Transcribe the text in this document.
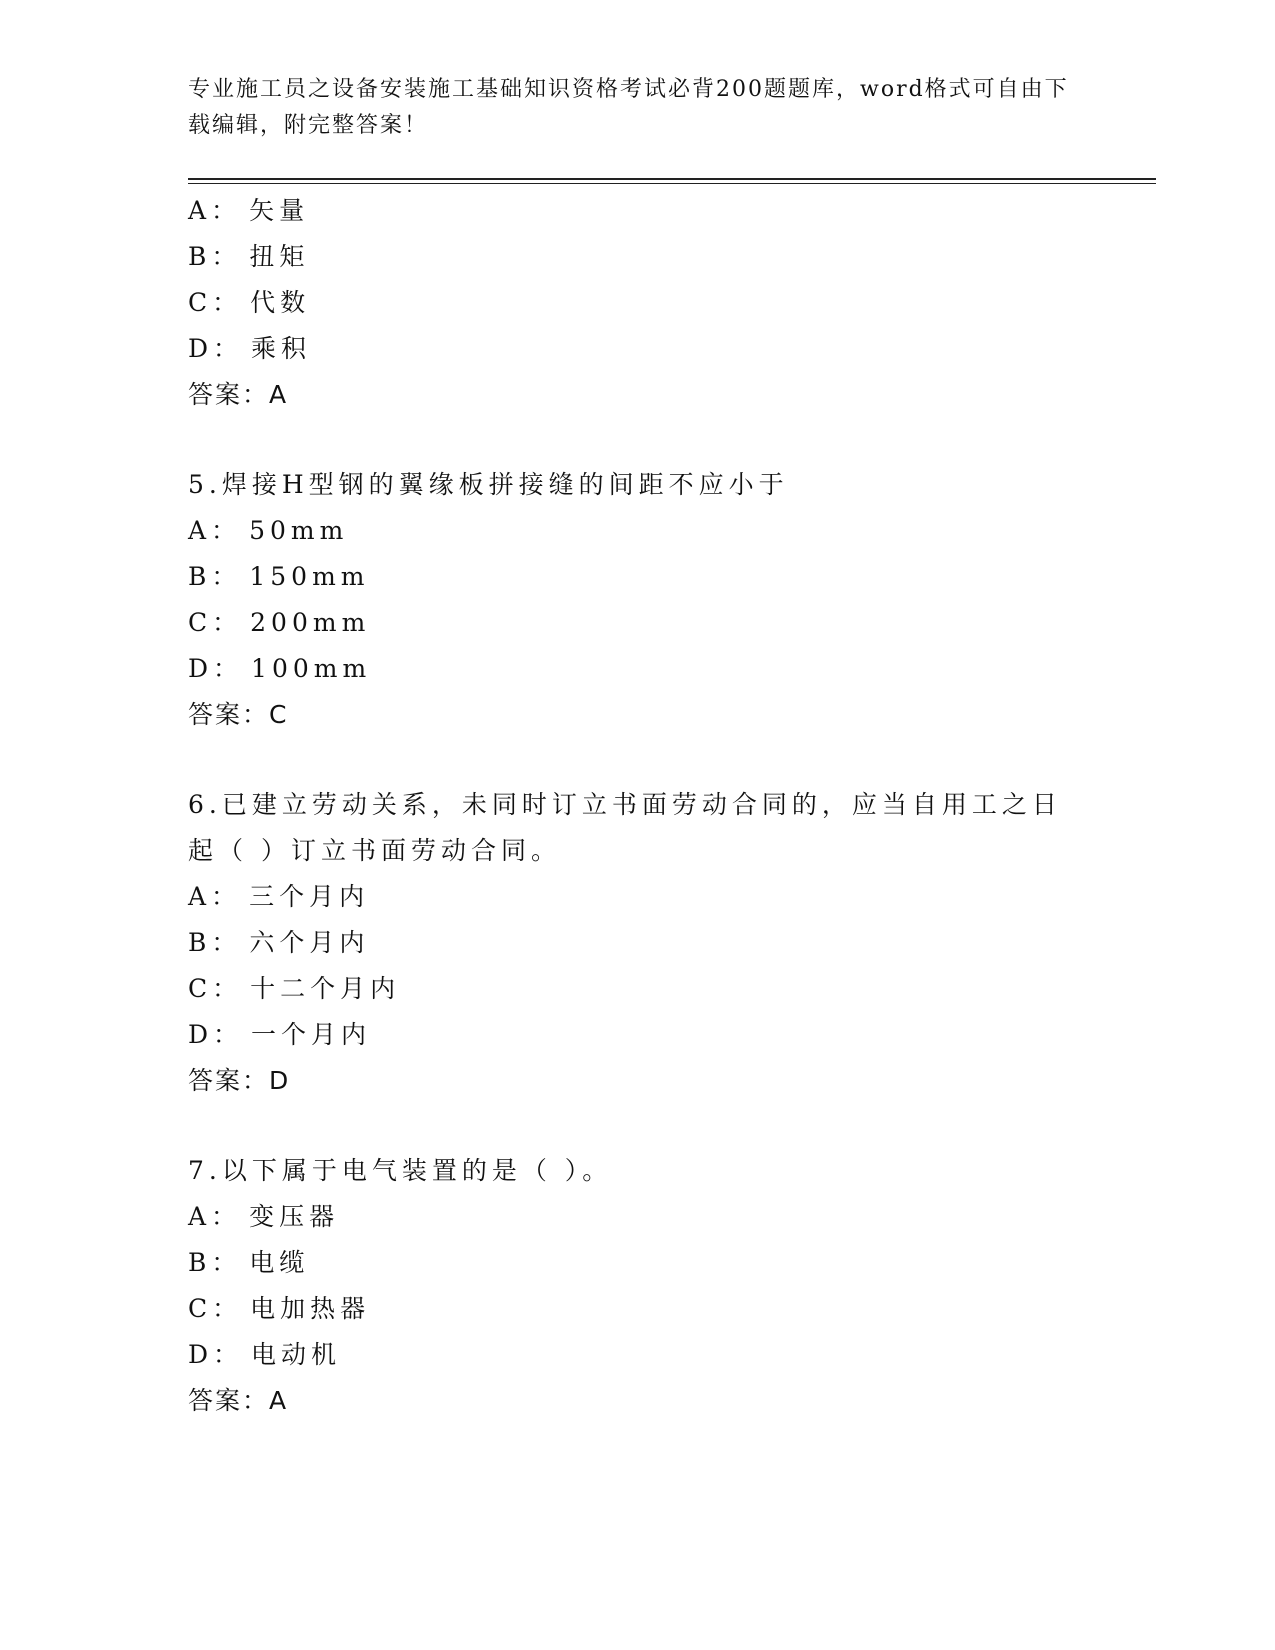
专业施工员之设备安装施工基础知识资格考试必背200题题库，word格式可自由下载编辑，附完整答案！
A： 矢量
B： 扭矩
C： 代数
D： 乘积
答案：A
5.焊接H型钢的翼缘板拼接缝的间距不应小于
A： 50mm
B： 150mm
C： 200mm
D： 100mm
答案：C
6.已建立劳动关系，未同时订立书面劳动合同的，应当自用工之日起（ ）订立书面劳动合同。
A： 三个月内
B： 六个月内
C： 十二个月内
D： 一个月内
答案：D
7.以下属于电气装置的是（ ）。
A： 变压器
B： 电缆
C： 电加热器
D： 电动机
答案：A
